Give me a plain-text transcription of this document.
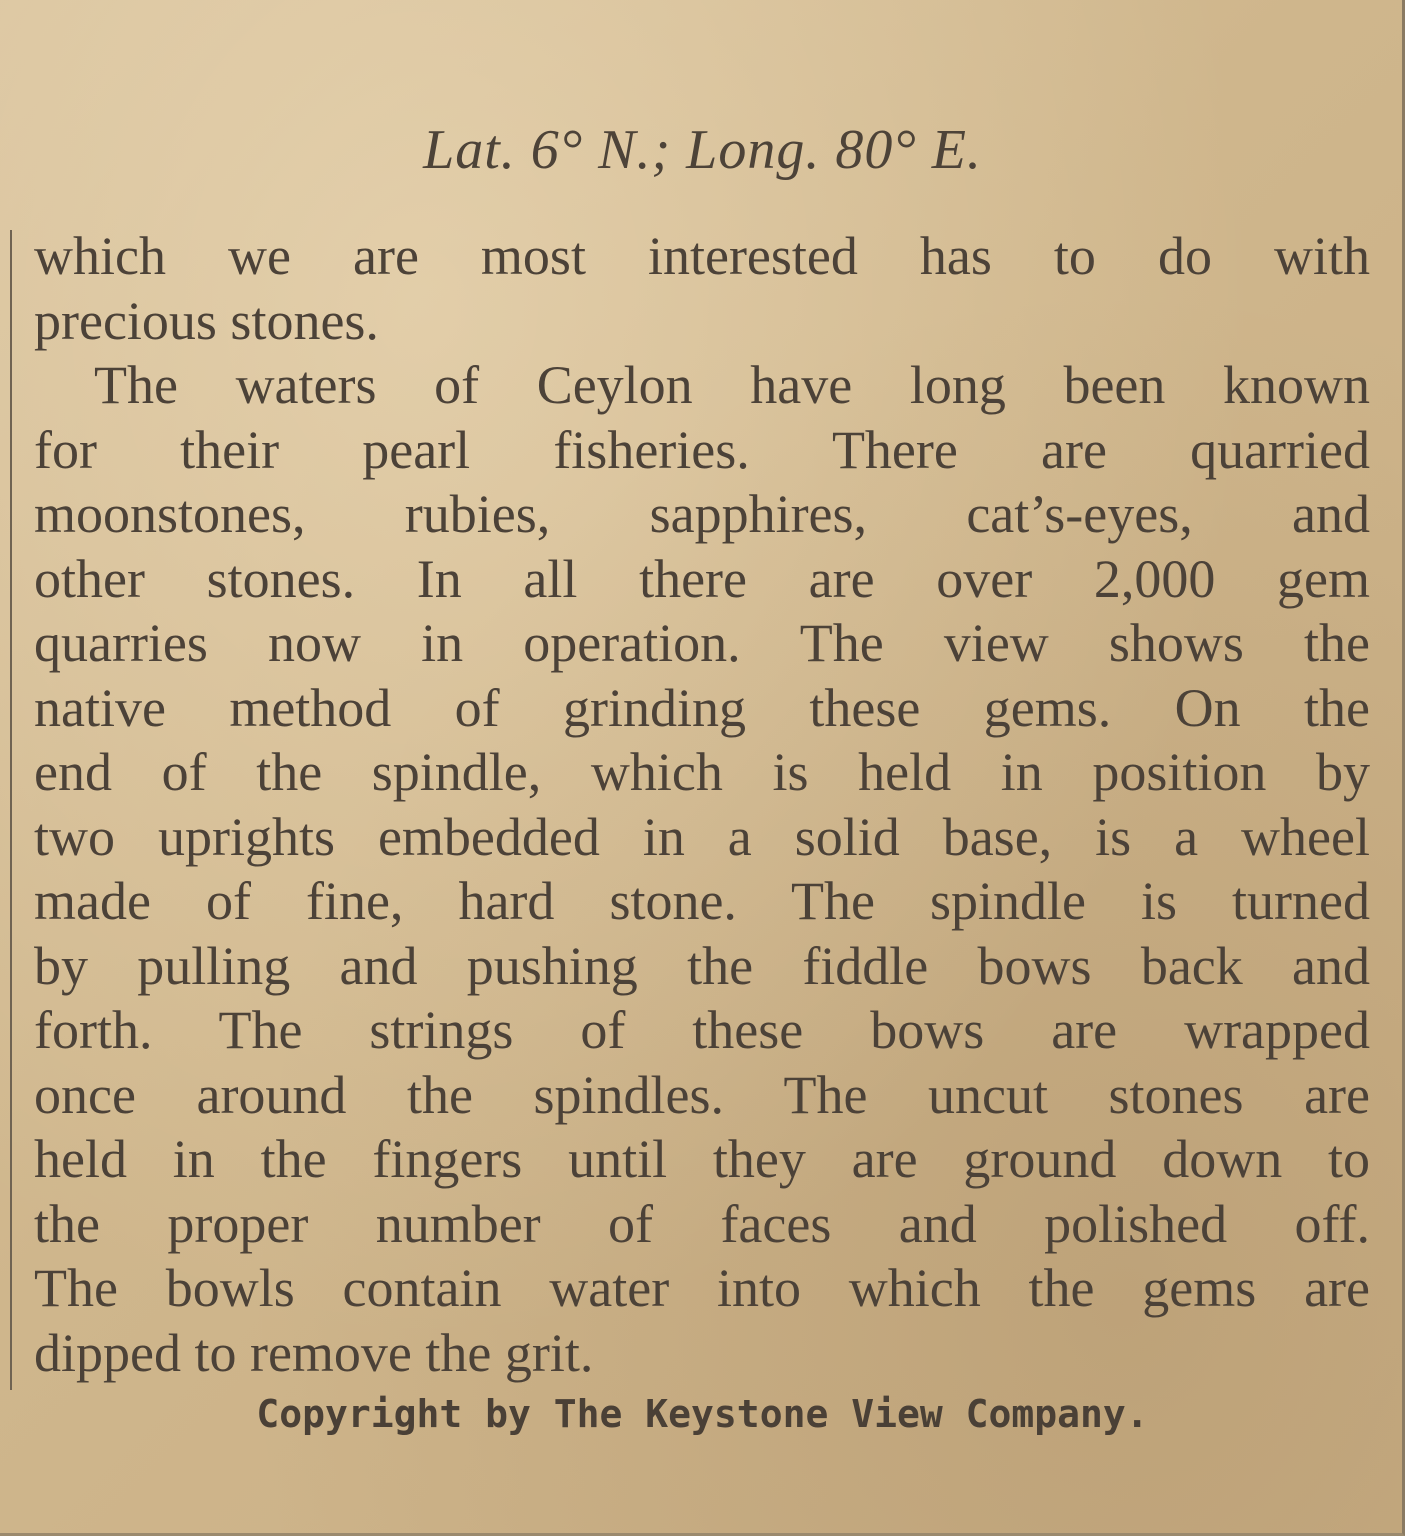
Lat. 6° N.; Long. 80° E.
which we are most interested has to do with
precious stones.
The waters of Ceylon have long been known
for their pearl fisheries. There are quarried
moonstones, rubies, sapphires, cat’s-eyes, and
other stones. In all there are over 2,000 gem
quarries now in operation. The view shows the
native method of grinding these gems. On the
end of the spindle, which is held in position by
two uprights embedded in a solid base, is a wheel
made of fine, hard stone. The spindle is turned
by pulling and pushing the fiddle bows back and
forth. The strings of these bows are wrapped
once around the spindles. The uncut stones are
held in the fingers until they are ground down to
the proper number of faces and polished off.
The bowls contain water into which the gems are
dipped to remove the grit.
Copyright by The Keystone View Company.
